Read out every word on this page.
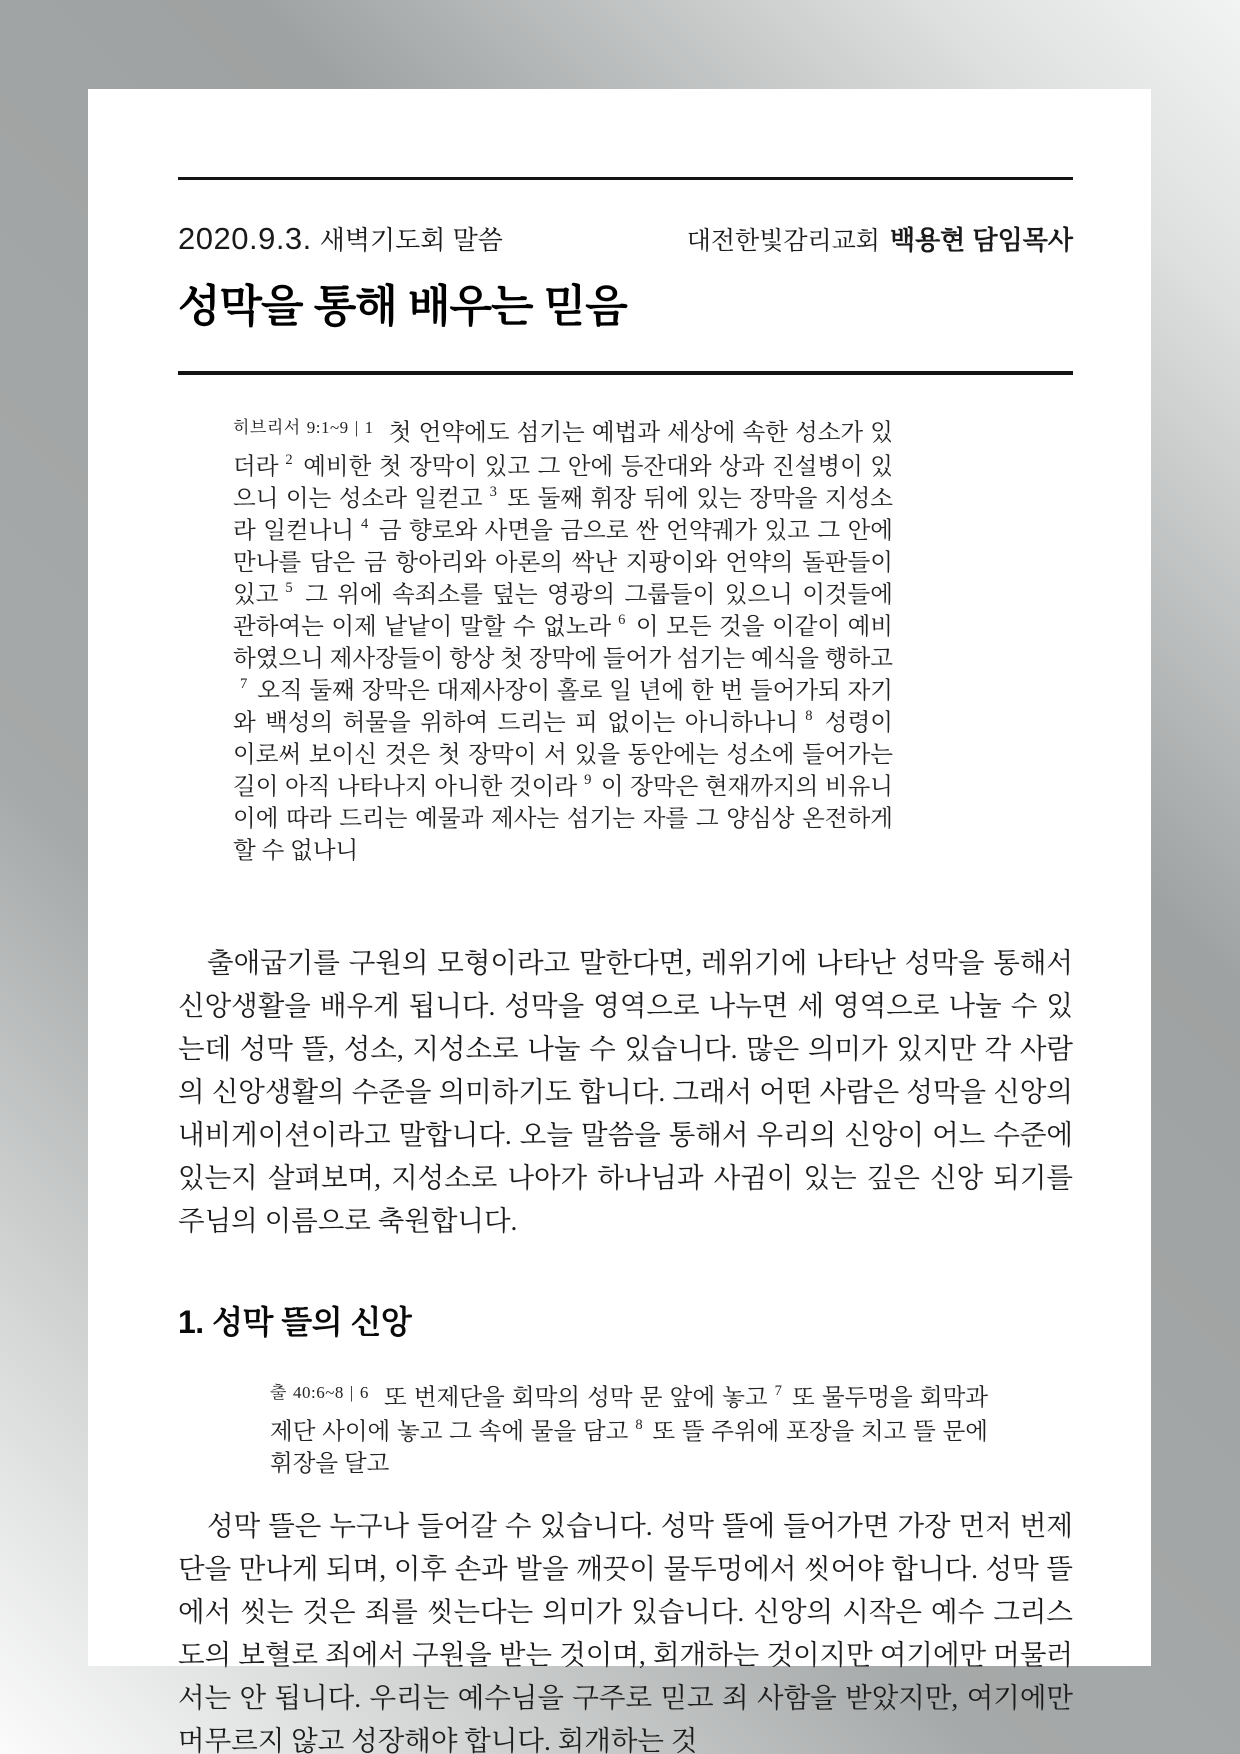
2020.9.3. 새벽기도회 말씀	대전한빛감리교회 백용현 담임목사
성막을 통해 배우는 믿음
$^{히브리서 9:1\sim 9 | 1}$ 첫 언약에도 섬기는 예법과 세상에 속한 성소가 있더라 $^2$ 예비한 첫 장막이 있고 그 안에 등잔대와 상과 진설병이 있으니 이는 성소라 일컫고 $^3$ 또 둘째 휘장 뒤에 있는 장막을 지성소라 일컫나니 $^4$ 금 향로와 사면을 금으로 싼 언약궤가 있고 그 안에 만나를 담은 금 항아리와 아론의 싹난 지팡이와 언약의 돌판들이 있고 $^5$ 그 위에 속죄소를 덮는 영광의 그룹들이 있으니 이것들에 관하여는 이제 낱낱이 말할 수 없노라 $^6$ 이 모든 것을 이같이 예비하였으니 제사장들이 항상 첫 장막에 들어가 섬기는 예식을 행하고$^7$ 오직 둘째 장막은 대제사장이 홀로 일 년에 한 번 들어가되 자기와 백성의 허물을 위하여 드리는 피 없이는 아니하나니 $^8$ 성령이 이로써 보이신 것은 첫 장막이 서 있을 동안에는 성소에 들어가는 길이 아직 나타나지 아니한 것이라 $^9$ 이 장막은 현재까지의 비유니 이에 따라 드리는 예물과 제사는 섬기는 자를 그 양심상 온전하게 할 수 없나니

출애굽기를 구원의 모형이라고 말한다면, 레위기에 나타난 성막을 통해서 신앙생활을 배우게 됩니다. 성막을 영역으로 나누면 세 영역으로 나눌 수 있는데 성막 뜰, 성소, 지성소로 나눌 수 있습니다. 많은 의미가 있지만 각 사람의 신앙생활의 수준을 의미하기도 합니다. 그래서 어떤 사람은 성막을 신앙의 내비게이션이라고 말합니다. 오늘 말씀을 통해서 우리의 신앙이 어느 수준에 있는지 살펴보며, 지성소로 나아가 하나님과 사귐이 있는 깊은 신앙 되기를 주님의 이름으로 축원합니다.

1. 성막 뜰의 신앙
$^{출 40:6\sim 8 | 6}$ 또 번제단을 회막의 성막 문 앞에 놓고 $^7$ 또 물두멍을 회막과 제단 사이에 놓고 그 속에 물을 담고 $^8$ 또 뜰 주위에 포장을 치고 뜰 문에 휘장을 달고

성막 뜰은 누구나 들어갈 수 있습니다. 성막 뜰에 들어가면 가장 먼저 번제단을 만나게 되며, 이후 손과 발을 깨끗이 물두멍에서 씻어야 합니다. 성막 뜰에서 씻는 것은 죄를 씻는다는 의미가 있습니다. 신앙의 시작은 예수 그리스도의 보혈로 죄에서 구원을 받는 것이며, 회개하는 것이지만 여기에만 머물러서는 안 됩니다. 우리는 예수님을 구주로 믿고 죄 사함을 받았지만, 여기에만 머무르지 않고 성장해야 합니다. 회개하는 것
